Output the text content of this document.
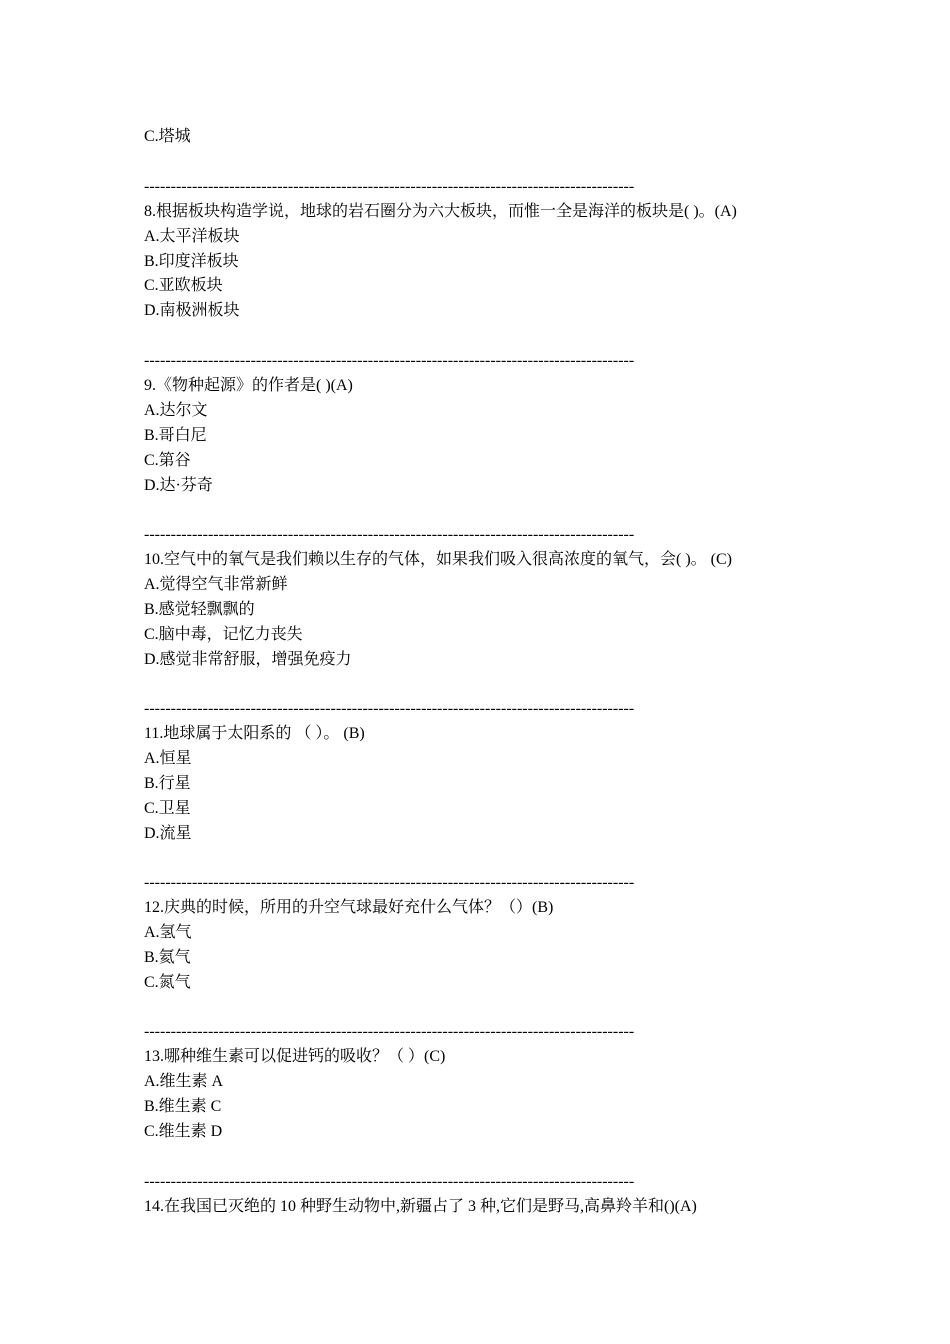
C.塔城
--------------------------------------------------------------------------------------------
8.根据板块构造学说，地球的岩石圈分为六大板块，而惟一全是海洋的板块是( )。(A)
A.太平洋板块
B.印度洋板块
C.亚欧板块
D.南极洲板块
--------------------------------------------------------------------------------------------
9.《物种起源》的作者是( )(A)
A.达尔文
B.哥白尼
C.第谷
D.达·芬奇
--------------------------------------------------------------------------------------------
10.空气中的氧气是我们赖以生存的气体，如果我们吸入很高浓度的氧气，会( )。 (C)
A.觉得空气非常新鲜
B.感觉轻飘飘的
C.脑中毒，记忆力丧失
D.感觉非常舒服，增强免疫力
--------------------------------------------------------------------------------------------
11.地球属于太阳系的 （ ）。 (B)
A.恒星
B.行星
C.卫星
D.流星
--------------------------------------------------------------------------------------------
12.庆典的时候，所用的升空气球最好充什么气体？（）(B)
A.氢气
B.氦气
C.氮气
--------------------------------------------------------------------------------------------
13.哪种维生素可以促进钙的吸收？（ ）(C)
A.维生素 A
B.维生素 C
C.维生素 D
--------------------------------------------------------------------------------------------
14.在我国已灭绝的 10 种野生动物中,新疆占了 3 种,它们是野马,高鼻羚羊和()(A)
